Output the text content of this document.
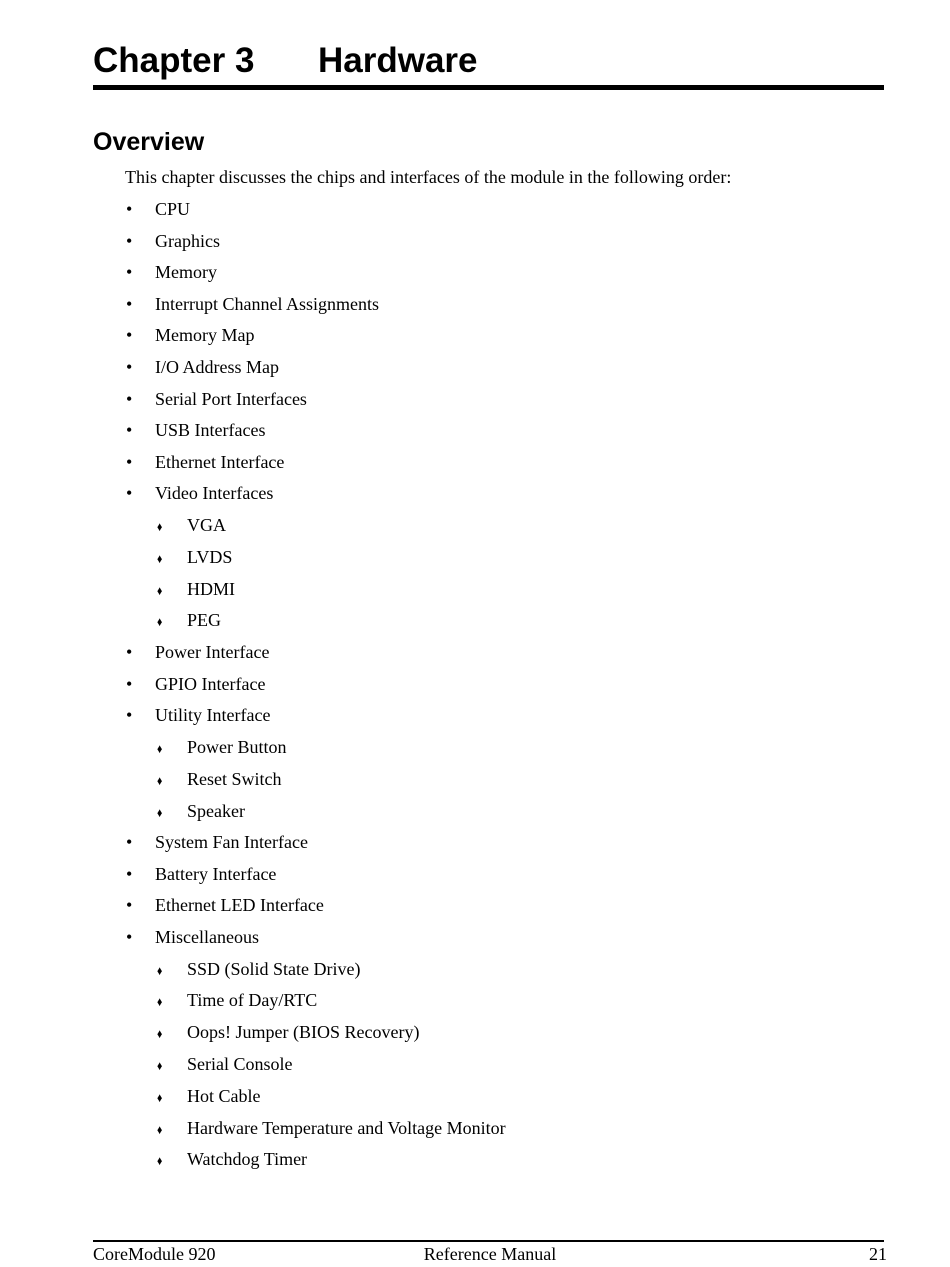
Chapter 3 Hardware
Overview

This chapter discusses the chips and interfaces of the module in the following order:

•	CPU
•	Graphics
•	Memory
•	Interrupt Channel Assignments
•	Memory Map
•	I/O Address Map
•	Serial Port Interfaces
•	USB Interfaces
•	Ethernet Interface
•	Video Interfaces
♦	VGA
♦	LVDS
♦	HDMI
♦	PEG
•	Power Interface
•	GPIO Interface
•	Utility Interface
♦	Power Button
♦	Reset Switch
♦	Speaker
•	System Fan Interface
•	Battery Interface
•	Ethernet LED Interface
•	Miscellaneous
♦	SSD (Solid State Drive)
♦	Time of Day/RTC
♦	Oops! Jumper (BIOS Recovery)
♦	Serial Console
♦	Hot Cable
♦	Hardware Temperature and Voltage Monitor
♦	Watchdog Timer
CoreModule 920	Reference Manual	21
